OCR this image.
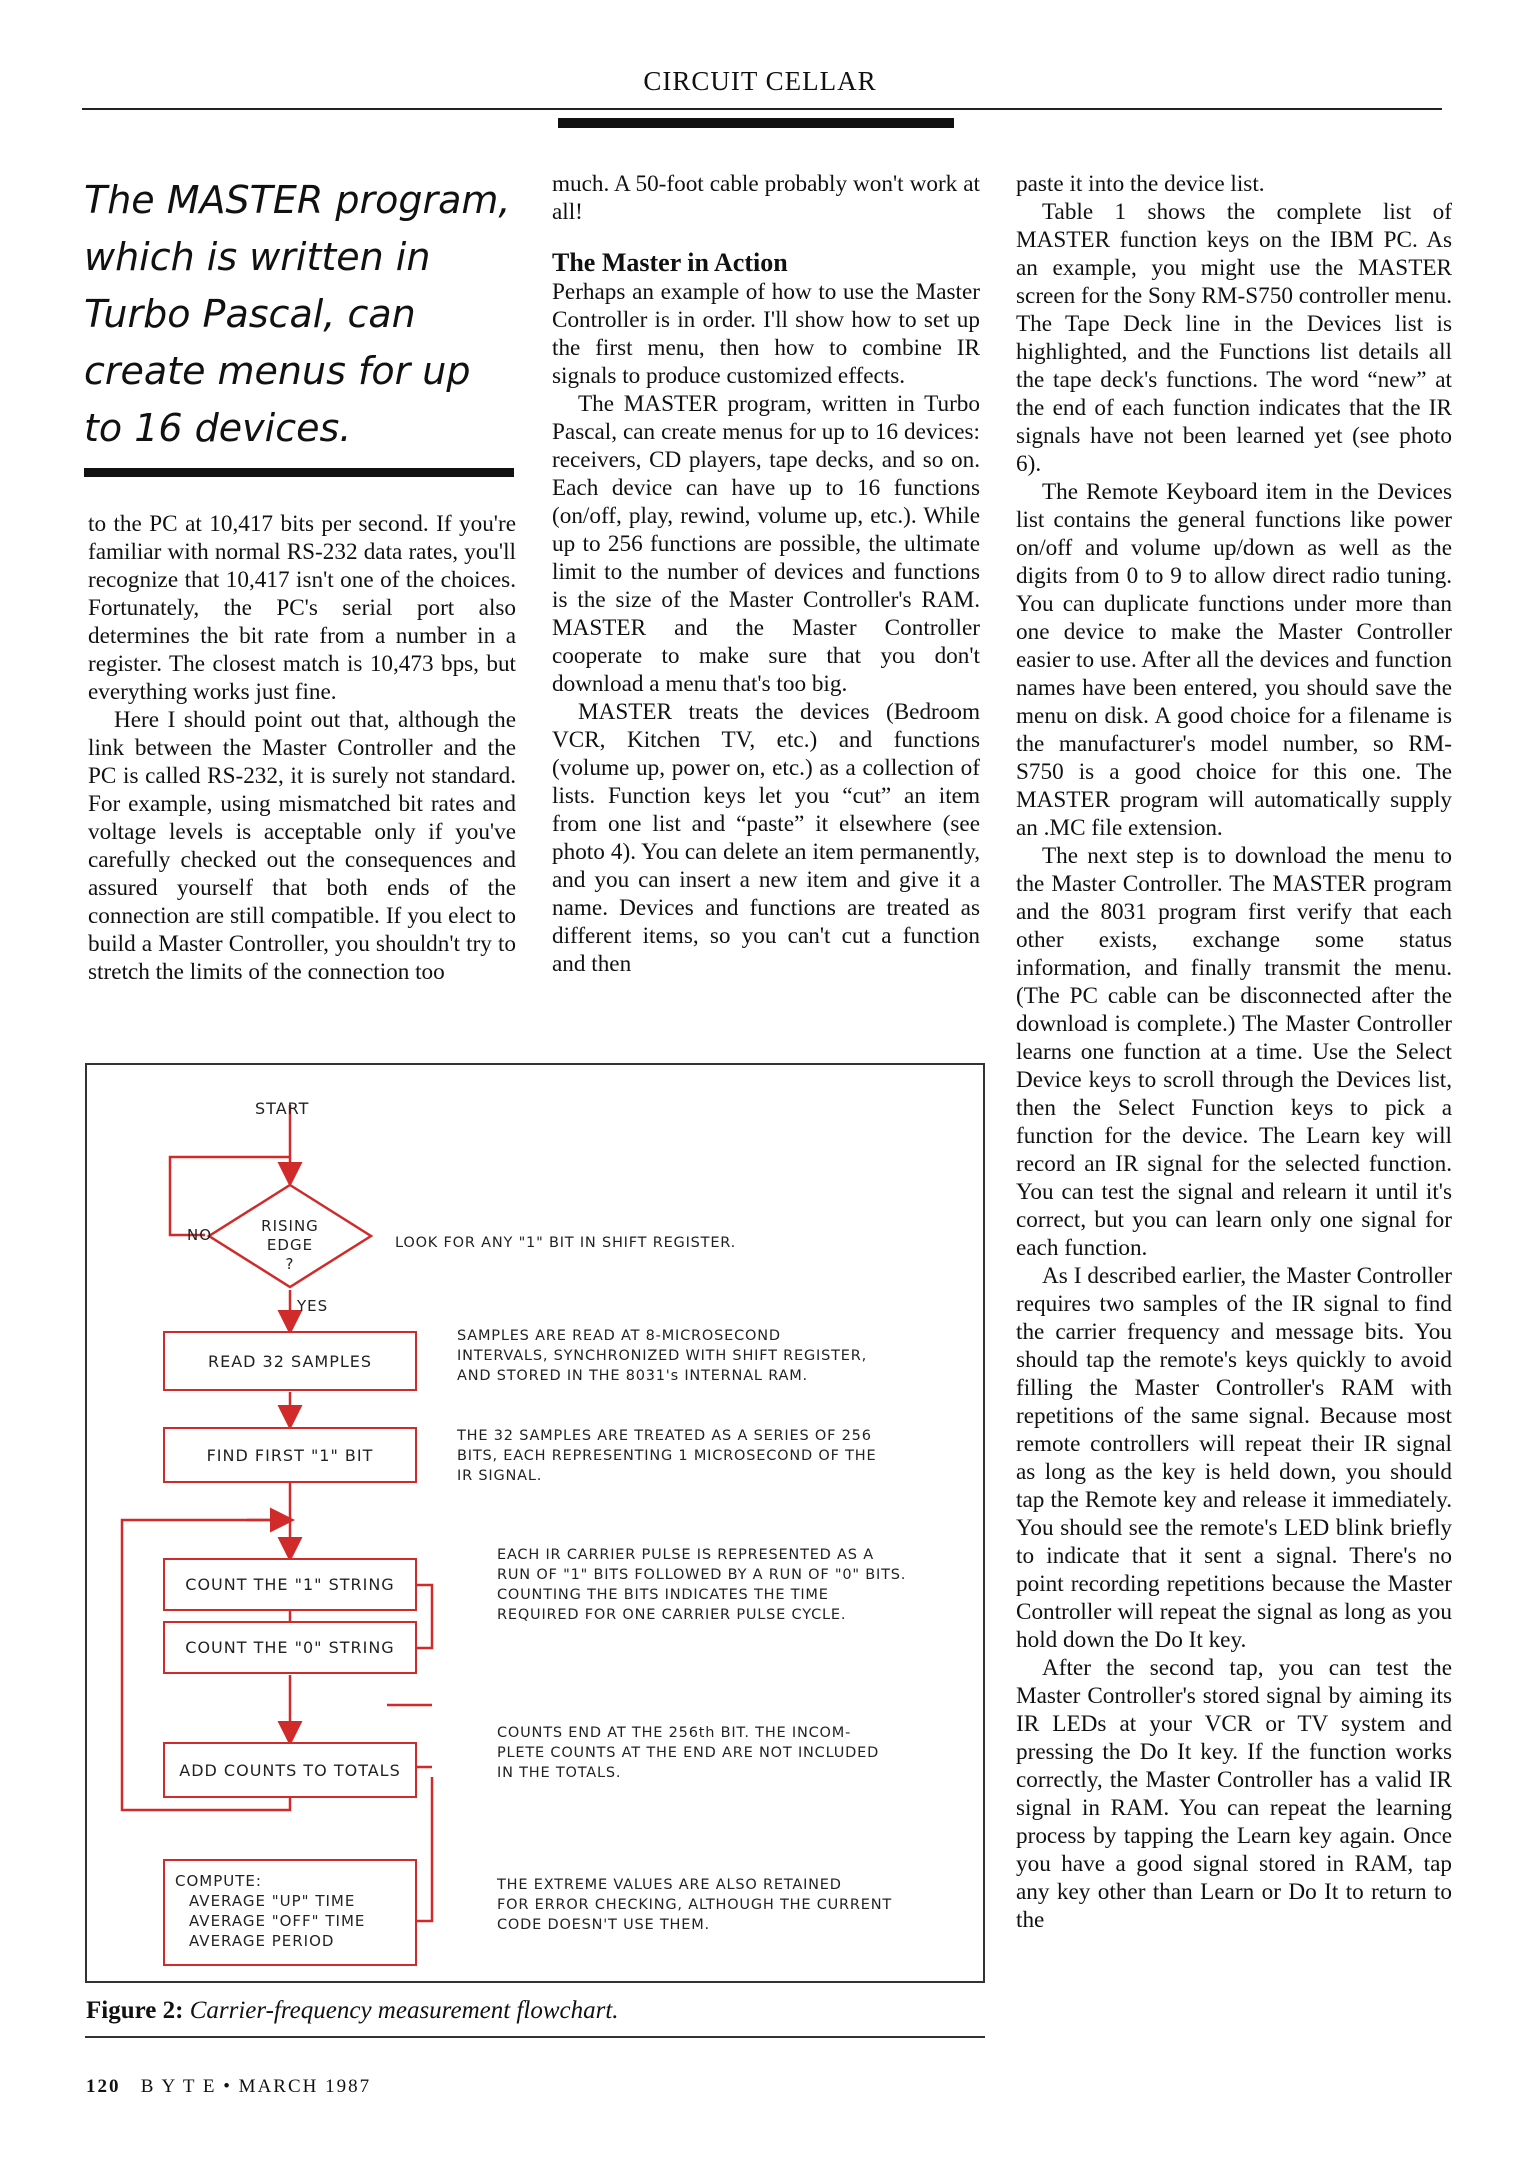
CIRCUIT CELLAR
The MASTER program, which is written in Turbo Pascal, can create menus for up to 16 devices.

to the PC at 10,417 bits per second. If you're familiar with normal RS-232 data rates, you'll recognize that 10,417 isn't one of the choices. Fortunately, the PC's serial port also determines the bit rate from a number in a register. The closest match is 10,473 bps, but everything works just fine.

Here I should point out that, although the link between the Master Controller and the PC is called RS-232, it is surely not standard. For example, using mismatched bit rates and voltage levels is acceptable only if you've carefully checked out the consequences and assured yourself that both ends of the connection are still compatible. If you elect to build a Master Controller, you shouldn't try to stretch the limits of the connection too

much. A 50-foot cable probably won't work at all!

The Master in Action

Perhaps an example of how to use the Master Controller is in order. I'll show how to set up the first menu, then how to combine IR signals to produce customized effects.

The MASTER program, written in Turbo Pascal, can create menus for up to 16 devices: receivers, CD players, tape decks, and so on. Each device can have up to 16 functions (on/off, play, rewind, volume up, etc.). While up to 256 functions are possible, the ultimate limit to the number of devices and functions is the size of the Master Controller's RAM. MASTER and the Master Controller cooperate to make sure that you don't download a menu that's too big.

MASTER treats the devices (Bedroom VCR, Kitchen TV, etc.) and functions (volume up, power on, etc.) as a collection of lists. Function keys let you “cut” an item from one list and “paste” it elsewhere (see photo 4). You can delete an item permanently, and you can insert a new item and give it a name. Devices and functions are treated as different items, so you can't cut a function and then

paste it into the device list.

Table 1 shows the complete list of MASTER function keys on the IBM PC. As an example, you might use the MASTER screen for the Sony RM-S750 controller menu. The Tape Deck line in the Devices list is highlighted, and the Functions list details all the tape deck's functions. The word “new” at the end of each function indicates that the IR signals have not been learned yet (see photo 6).

The Remote Keyboard item in the Devices list contains the general functions like power on/off and volume up/down as well as the digits from 0 to 9 to allow direct radio tuning. You can duplicate functions under more than one device to make the Master Controller easier to use. After all the devices and function names have been entered, you should save the menu on disk. A good choice for a filename is the manufacturer's model number, so RM-S750 is a good choice for this one. The MASTER program will automatically supply an .MC file extension.

The next step is to download the menu to the Master Controller. The MASTER program and the 8031 program first verify that each other exists, exchange some status information, and finally transmit the menu. (The PC cable can be disconnected after the download is complete.) The Master Controller learns one function at a time. Use the Select Device keys to scroll through the Devices list, then the Select Function keys to pick a function for the device. The Learn key will record an IR signal for the selected function. You can test the signal and relearn it until it's correct, but you can learn only one signal for each function.

As I described earlier, the Master Controller requires two samples of the IR signal to find the carrier frequency and message bits. You should tap the remote's keys quickly to avoid filling the Master Controller's RAM with repetitions of the same signal. Because most remote controllers will repeat their IR signal as long as the key is held down, you should tap the Remote key and release it immediately. You should see the remote's LED blink briefly to indicate that it sent a signal. There's no point recording repetitions because the Master Controller will repeat the signal as long as you hold down the Do It key.

After the second tap, you can test the Master Controller's stored signal by aiming its IR LEDs at your VCR or TV system and pressing the Do It key. If the function works correctly, the Master Controller has a valid IR signal in RAM. You can repeat the learning process by tapping the Learn key again. Once you have a good signal stored in RAM, tap any key other than Learn or Do It to return to the

START
RISING
EDGE
?
NO
YES
LOOK FOR ANY "1" BIT IN SHIFT REGISTER.
READ 32 SAMPLES
SAMPLES ARE READ AT 8-MICROSECOND
INTERVALS, SYNCHRONIZED WITH SHIFT REGISTER,
AND STORED IN THE 8031's INTERNAL RAM.
FIND FIRST "1" BIT
THE 32 SAMPLES ARE TREATED AS A SERIES OF 256
BITS, EACH REPRESENTING 1 MICROSECOND OF THE
IR SIGNAL.
COUNT THE "1" STRING
COUNT THE "0" STRING
EACH IR CARRIER PULSE IS REPRESENTED AS A
RUN OF "1" BITS FOLLOWED BY A RUN OF "0" BITS.
COUNTING THE BITS INDICATES THE TIME
REQUIRED FOR ONE CARRIER PULSE CYCLE.
ADD COUNTS TO TOTALS
COUNTS END AT THE 256th BIT. THE INCOM-
PLETE COUNTS AT THE END ARE NOT INCLUDED
IN THE TOTALS.
COMPUTE:
AVERAGE "UP" TIME
AVERAGE "OFF" TIME
AVERAGE PERIOD
THE EXTREME VALUES ARE ALSO RETAINED
FOR ERROR CHECKING, ALTHOUGH THE CURRENT
CODE DOESN'T USE THEM.
Figure 2: Carrier-frequency measurement flowchart.
120 B Y T E • MARCH 1987
